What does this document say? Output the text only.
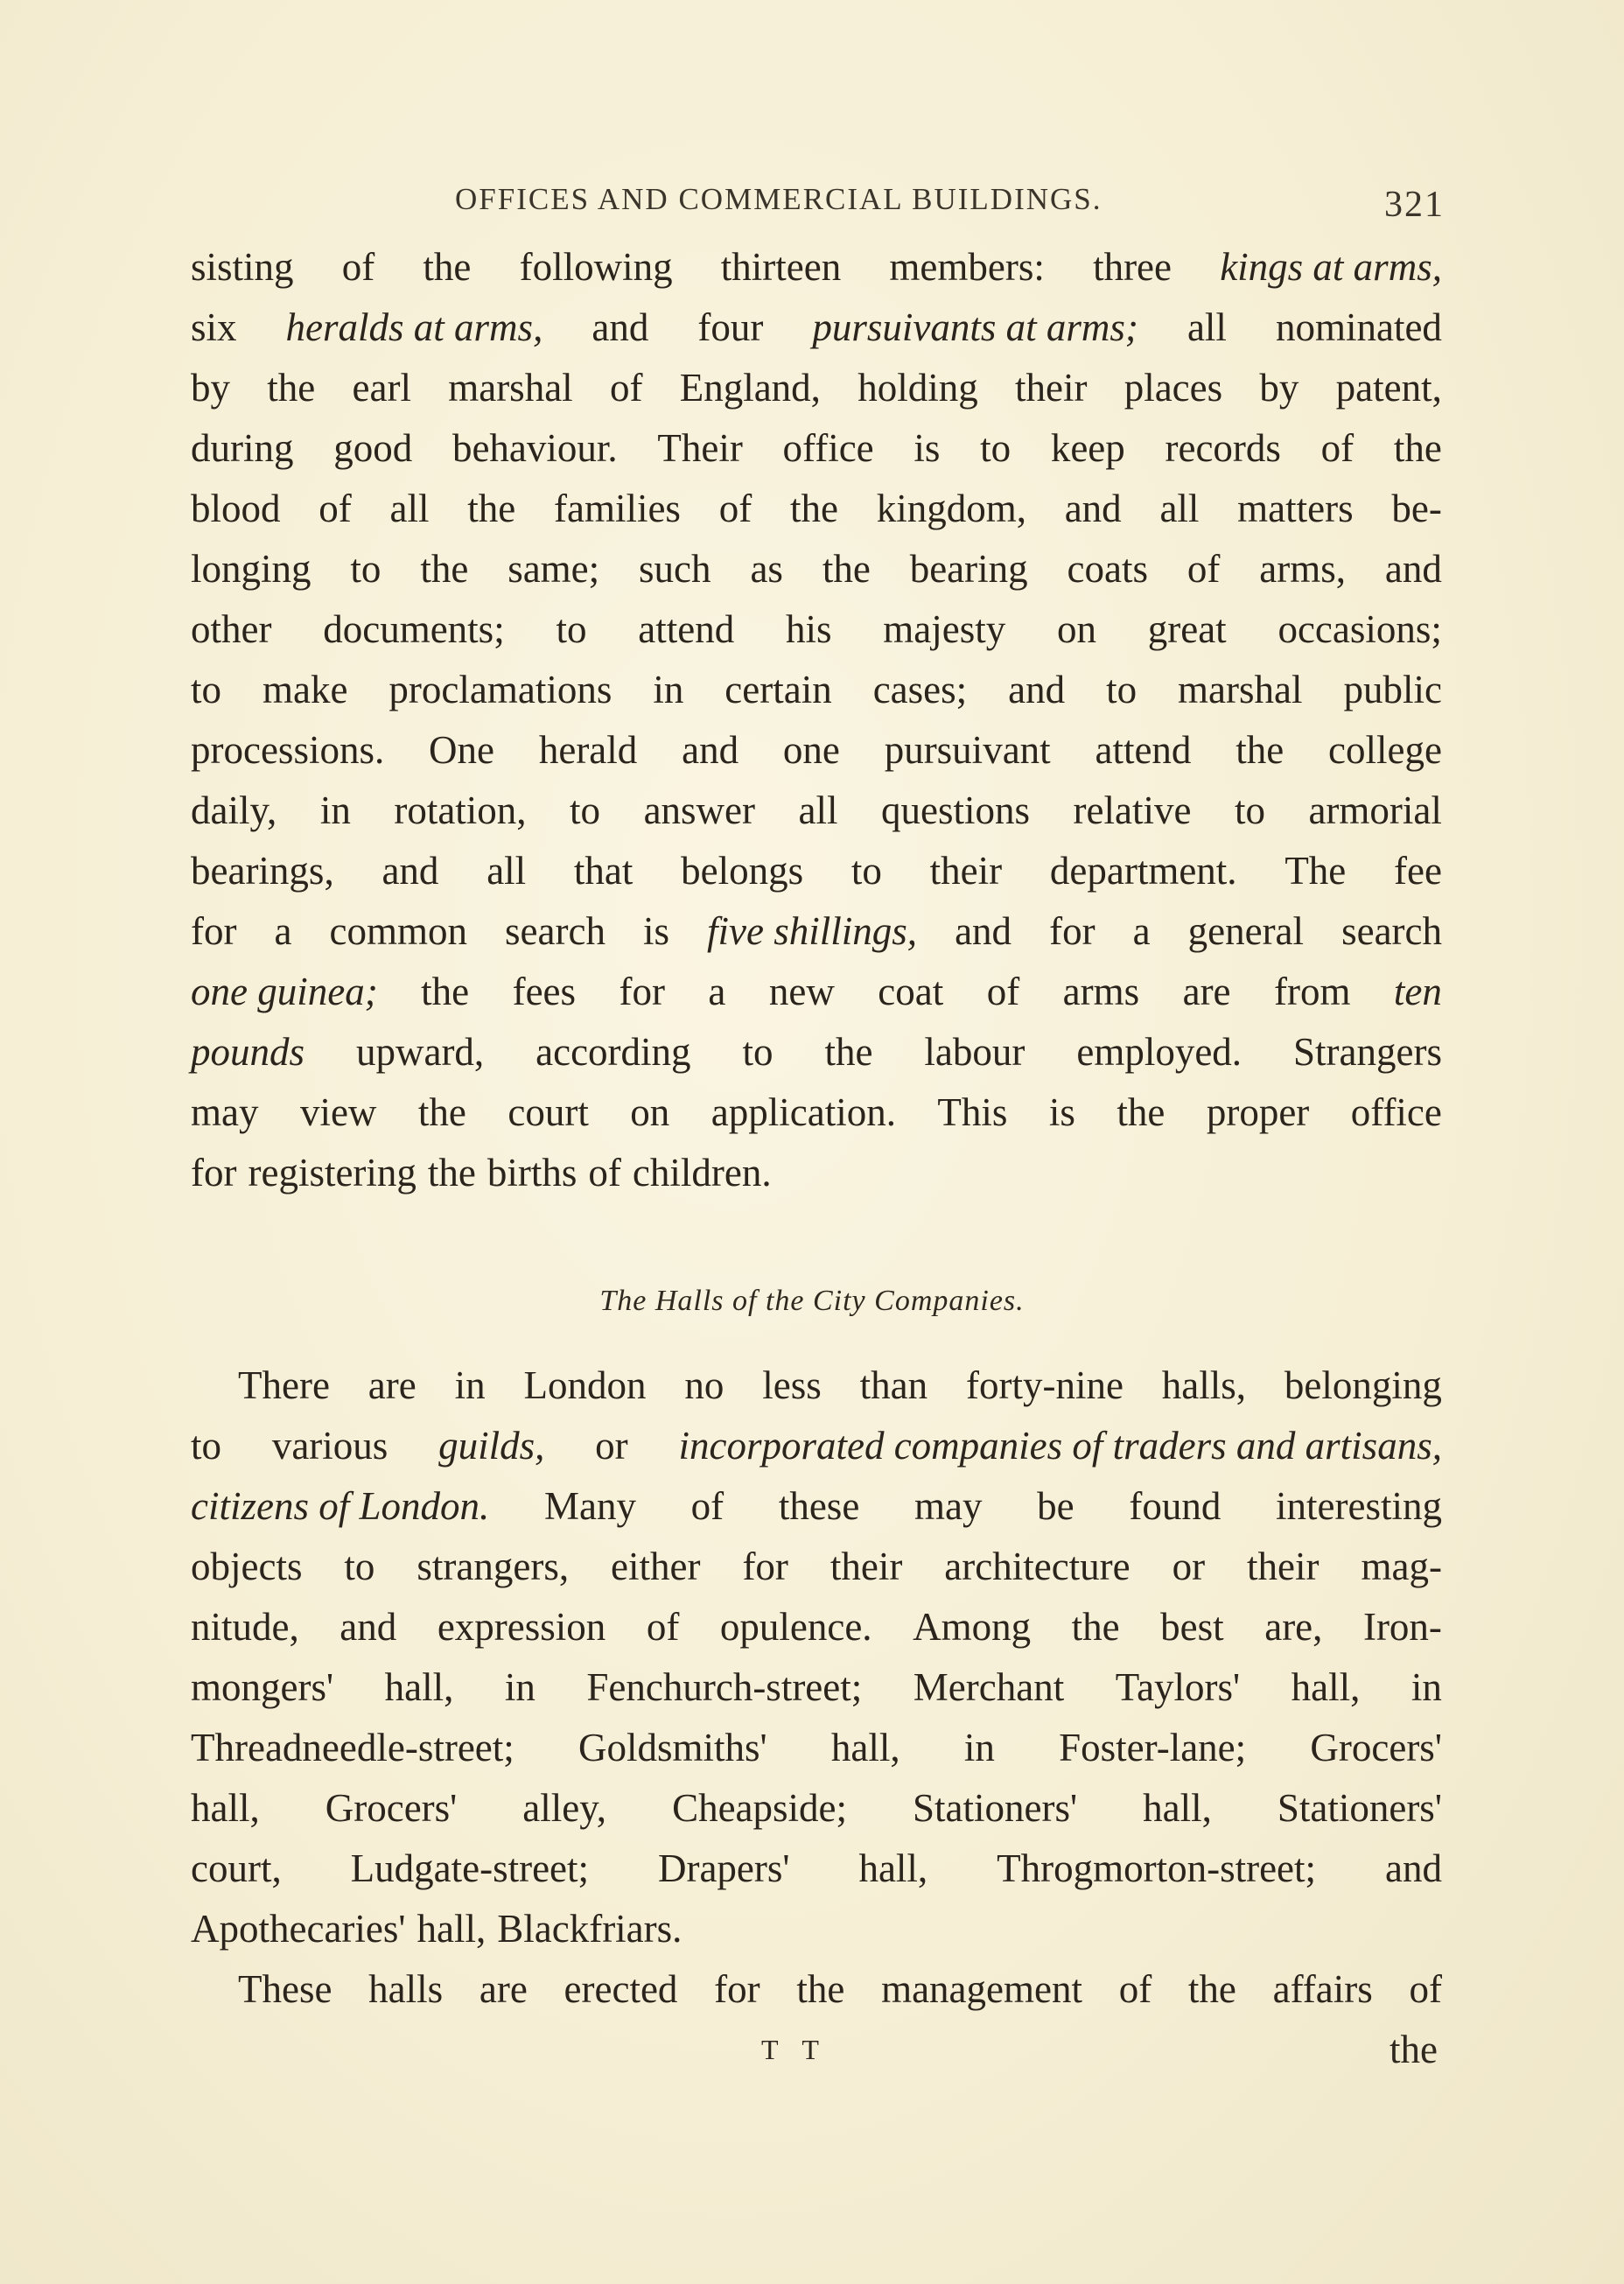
OFFICES AND COMMERCIAL BUILDINGS.	321
sisting of the following thirteen members: three kings at arms,
six heralds at arms, and four pursuivants at arms; all nominated
by the earl marshal of England, holding their places by patent,
during good behaviour. Their office is to keep records of the
blood of all the families of the kingdom, and all matters be-
longing to the same; such as the bearing coats of arms, and
other documents; to attend his majesty on great occasions;
to make proclamations in certain cases; and to marshal public
processions. One herald and one pursuivant attend the college
daily, in rotation, to answer all questions relative to armorial
bearings, and all that belongs to their department. The fee
for a common search is five shillings, and for a general search
one guinea; the fees for a new coat of arms are from ten
pounds upward, according to the labour employed. Strangers
may view the court on application. This is the proper office
for registering the births of children.
The Halls of the City Companies.
There are in London no less than forty-nine halls, belonging
to various guilds, or incorporated companies of traders and artisans,
citizens of London. Many of these may be found interesting
objects to strangers, either for their architecture or their mag-
nitude, and expression of opulence. Among the best are, Iron-
mongers' hall, in Fenchurch-street; Merchant Taylors' hall, in
Threadneedle-street; Goldsmiths' hall, in Foster-lane; Grocers'
hall, Grocers' alley, Cheapside; Stationers' hall, Stationers'
court, Ludgate-street; Drapers' hall, Throgmorton-street; and
Apothecaries' hall, Blackfriars.
These halls are erected for the management of the affairs of
T T	the
